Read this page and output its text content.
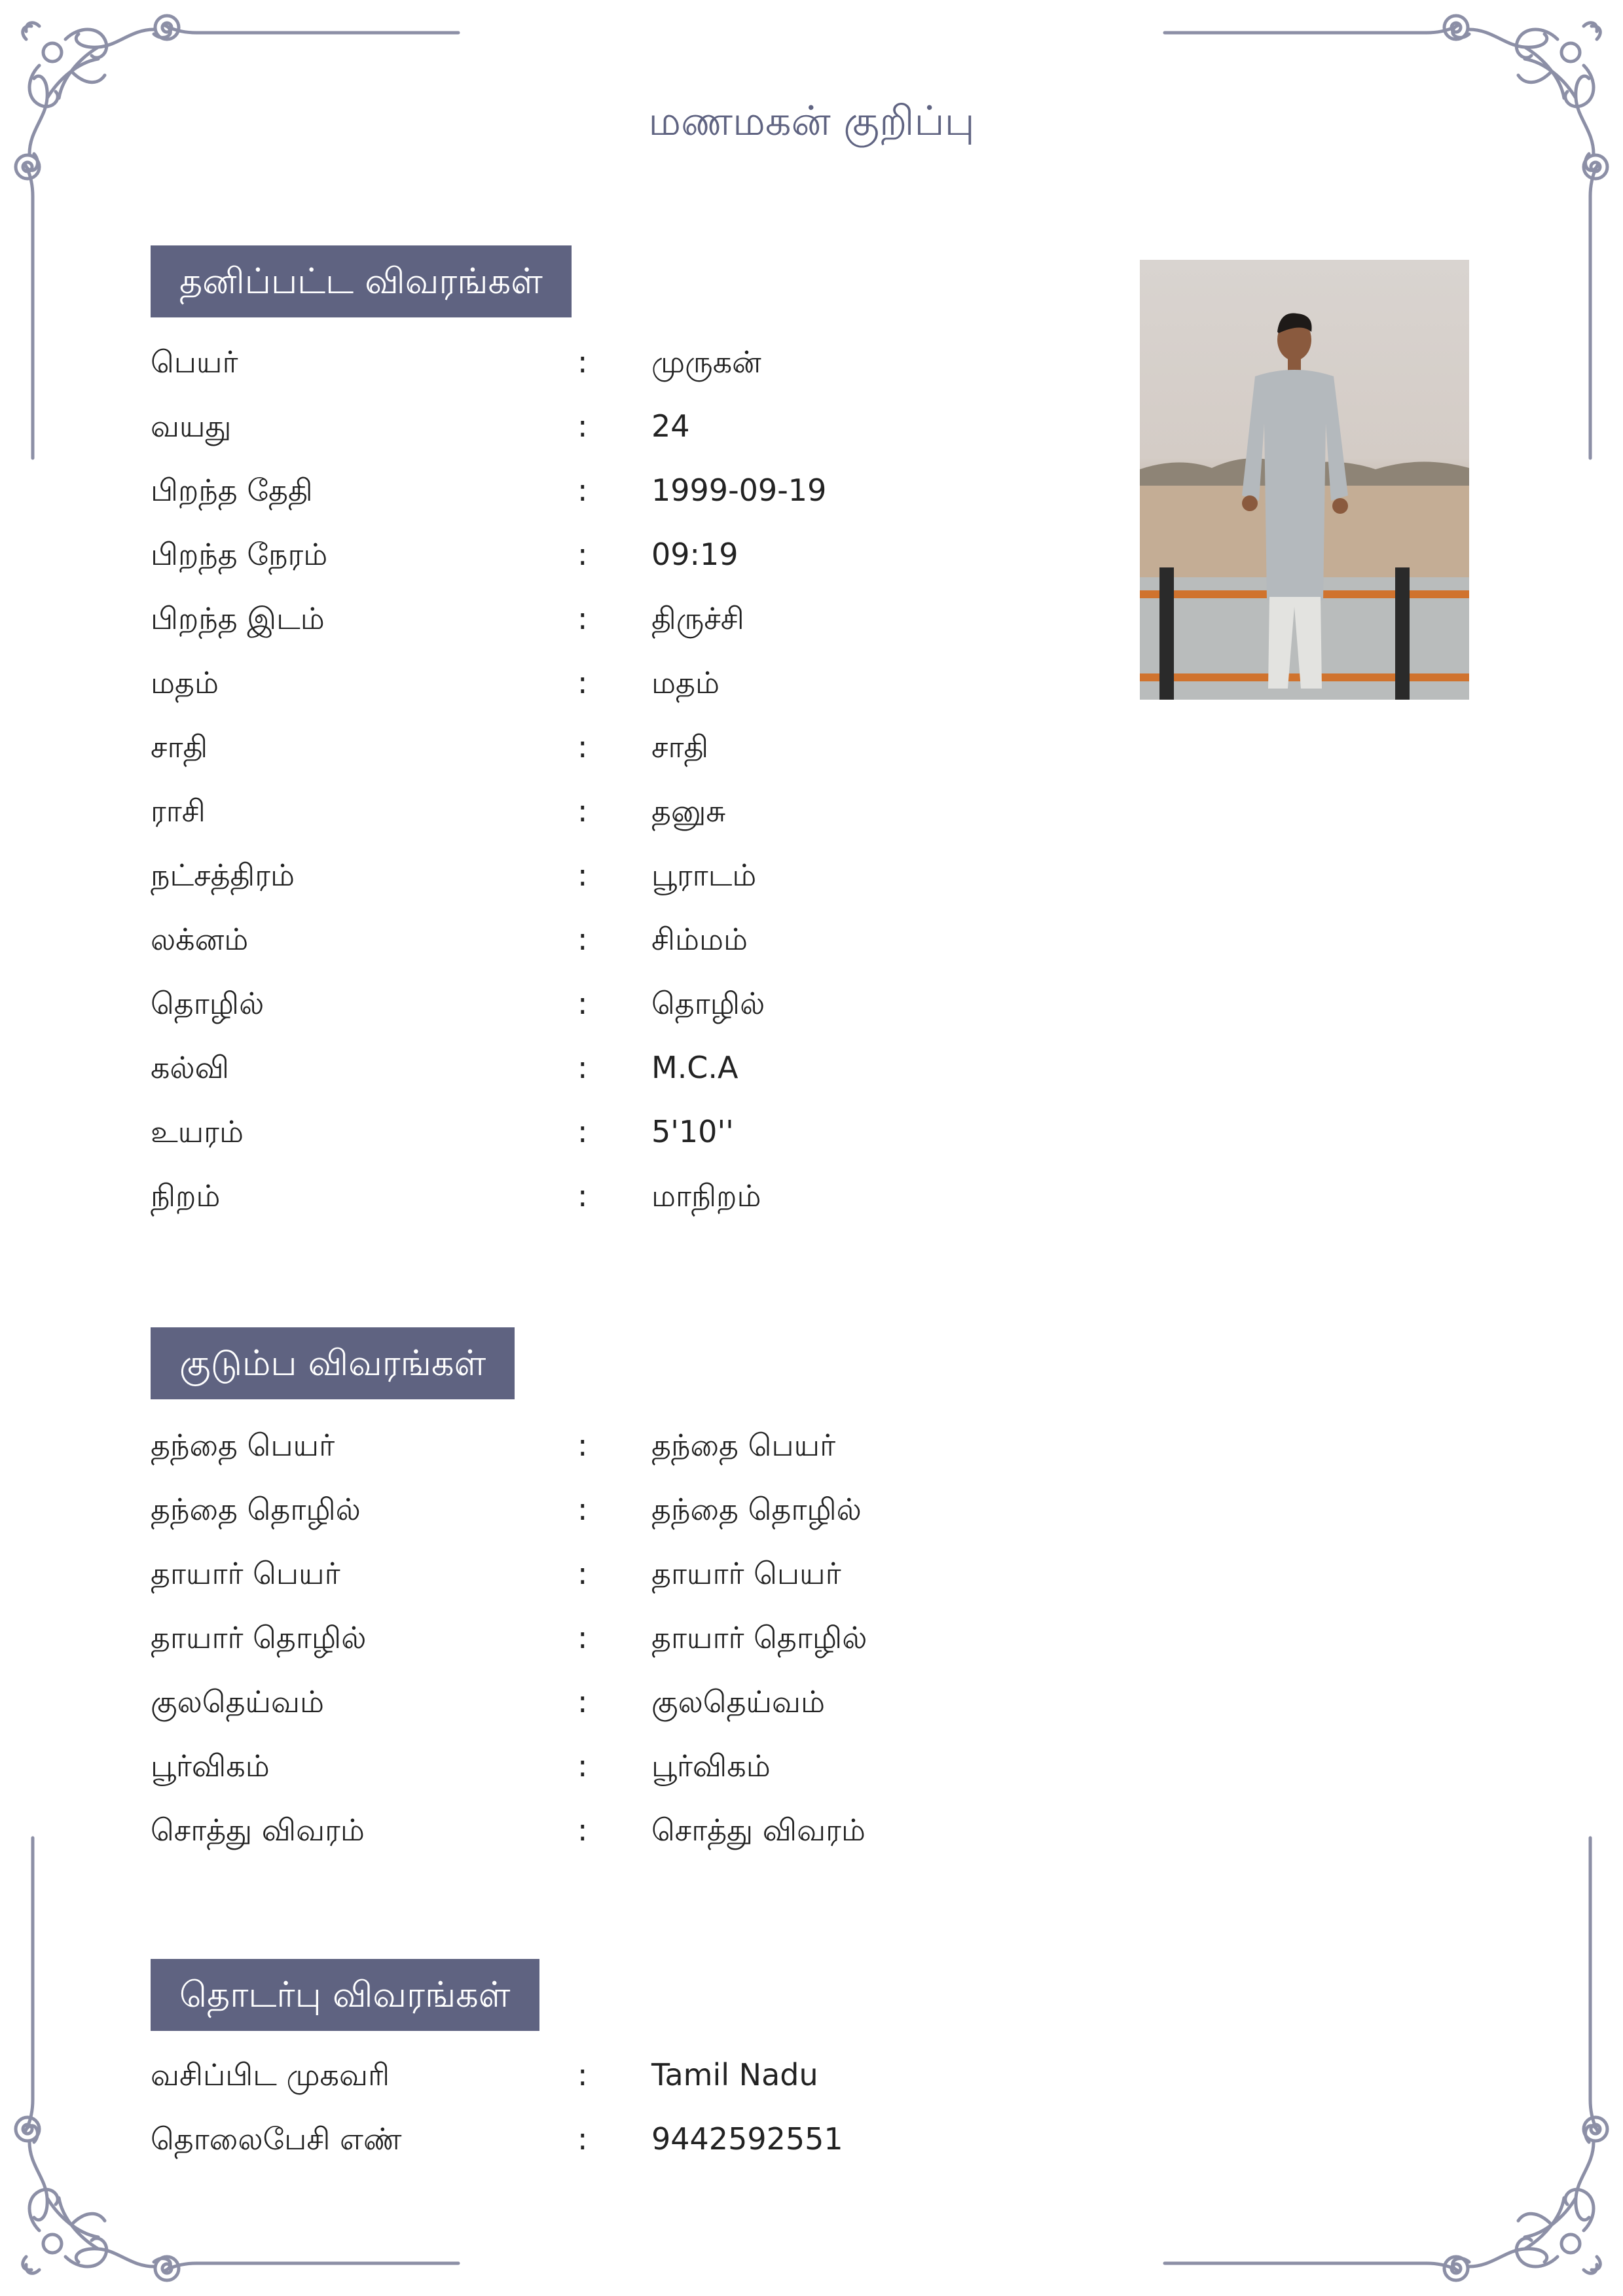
மணமகன் குறிப்பு
தனிப்பட்ட விவரங்கள்
பெயர்	: முருகன்
வயது	: 24
பிறந்த தேதி	: 1999-09-19
பிறந்த நேரம்	: 09:19
பிறந்த இடம்	: திருச்சி
மதம்	: மதம்
சாதி	: சாதி
ராசி	: தனுசு
நட்சத்திரம்	: பூராடம்
லக்னம்	: சிம்மம்
தொழில்	: தொழில்
கல்வி	: M.C.A
உயரம்	: 5'10''
நிறம்	: மாநிறம்
குடும்ப விவரங்கள்
தந்தை பெயர்	: தந்தை பெயர்
தந்தை தொழில்	: தந்தை தொழில்
தாயார் பெயர்	: தாயார் பெயர்
தாயார் தொழில்	: தாயார் தொழில்
குலதெய்வம்	: குலதெய்வம்
பூர்விகம்	: பூர்விகம்
சொத்து விவரம்	: சொத்து விவரம்
தொடர்பு விவரங்கள்
வசிப்பிட முகவரி	: Tamil Nadu
தொலைபேசி எண்	: 9442592551
